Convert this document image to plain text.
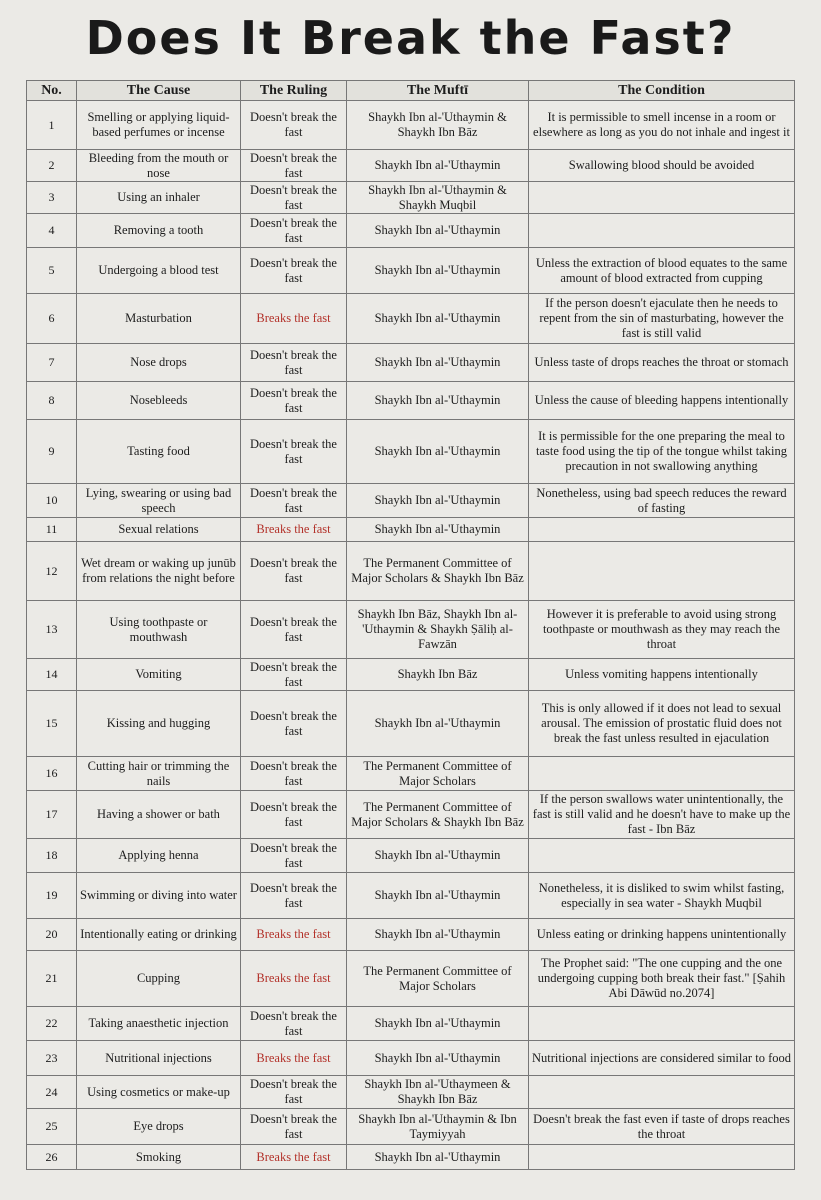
Does It Break the Fast?
No.	The Cause	The Ruling	The Muftī	The Condition
1	Smelling or applying liquid-based perfumes or incense	Doesn't break the fast	Shaykh Ibn al-'Uthaymin & Shaykh Ibn Bāz	It is permissible to smell incense in a room or elsewhere as long as you do not inhale and ingest it
2	Bleeding from the mouth or nose	Doesn't break the fast	Shaykh Ibn al-'Uthaymin	Swallowing blood should be avoided
3	Using an inhaler	Doesn't break the fast	Shaykh Ibn al-'Uthaymin & Shaykh Muqbil	
4	Removing a tooth	Doesn't break the fast	Shaykh Ibn al-'Uthaymin	
5	Undergoing a blood test	Doesn't break the fast	Shaykh Ibn al-'Uthaymin	Unless the extraction of blood equates to the same amount of blood extracted from cupping
6	Masturbation	Breaks the fast	Shaykh Ibn al-'Uthaymin	If the person doesn't ejaculate then he needs to repent from the sin of masturbating, however the fast is still valid
7	Nose drops	Doesn't break the fast	Shaykh Ibn al-'Uthaymin	Unless taste of drops reaches the throat or stomach
8	Nosebleeds	Doesn't break the fast	Shaykh Ibn al-'Uthaymin	Unless the cause of bleeding happens intentionally
9	Tasting food	Doesn't break the fast	Shaykh Ibn al-'Uthaymin	It is permissible for the one preparing the meal to taste food using the tip of the tongue whilst taking precaution in not swallowing anything
10	Lying, swearing or using bad speech	Doesn't break the fast	Shaykh Ibn al-'Uthaymin	Nonetheless, using bad speech reduces the reward of fasting
11	Sexual relations	Breaks the fast	Shaykh Ibn al-'Uthaymin	
12	Wet dream or waking up junūb from relations the night before	Doesn't break the fast	The Permanent Committee of Major Scholars & Shaykh Ibn Bāz	
13	Using toothpaste or mouthwash	Doesn't break the fast	Shaykh Ibn Bāz, Shaykh Ibn al-'Uthaymin & Shaykh Ṣāliḥ al-Fawzān	However it is preferable to avoid using strong toothpaste or mouthwash as they may reach the throat
14	Vomiting	Doesn't break the fast	Shaykh Ibn Bāz	Unless vomiting happens intentionally
15	Kissing and hugging	Doesn't break the fast	Shaykh Ibn al-'Uthaymin	This is only allowed if it does not lead to sexual arousal. The emission of prostatic fluid does not break the fast unless resulted in ejaculation
16	Cutting hair or trimming the nails	Doesn't break the fast	The Permanent Committee of Major Scholars	
17	Having a shower or bath	Doesn't break the fast	The Permanent Committee of Major Scholars & Shaykh Ibn Bāz	If the person swallows water unintentionally, the fast is still valid and he doesn't have to make up the fast - Ibn Bāz
18	Applying henna	Doesn't break the fast	Shaykh Ibn al-'Uthaymin	
19	Swimming or diving into water	Doesn't break the fast	Shaykh Ibn al-'Uthaymin	Nonetheless, it is disliked to swim whilst fasting, especially in sea water - Shaykh Muqbil
20	Intentionally eating or drinking	Breaks the fast	Shaykh Ibn al-'Uthaymin	Unless eating or drinking happens unintentionally
21	Cupping	Breaks the fast	The Permanent Committee of Major Scholars	The Prophet said: "The one cupping and the one undergoing cupping both break their fast." [Ṣahih Abi Dāwūd no.2074]
22	Taking anaesthetic injection	Doesn't break the fast	Shaykh Ibn al-'Uthaymin	
23	Nutritional injections	Breaks the fast	Shaykh Ibn al-'Uthaymin	Nutritional injections are considered similar to food
24	Using cosmetics or make-up	Doesn't break the fast	Shaykh Ibn al-'Uthaymeen & Shaykh Ibn Bāz	
25	Eye drops	Doesn't break the fast	Shaykh Ibn al-'Uthaymin & Ibn Taymiyyah	Doesn't break the fast even if taste of drops reaches the throat
26	Smoking	Breaks the fast	Shaykh Ibn al-'Uthaymin	
